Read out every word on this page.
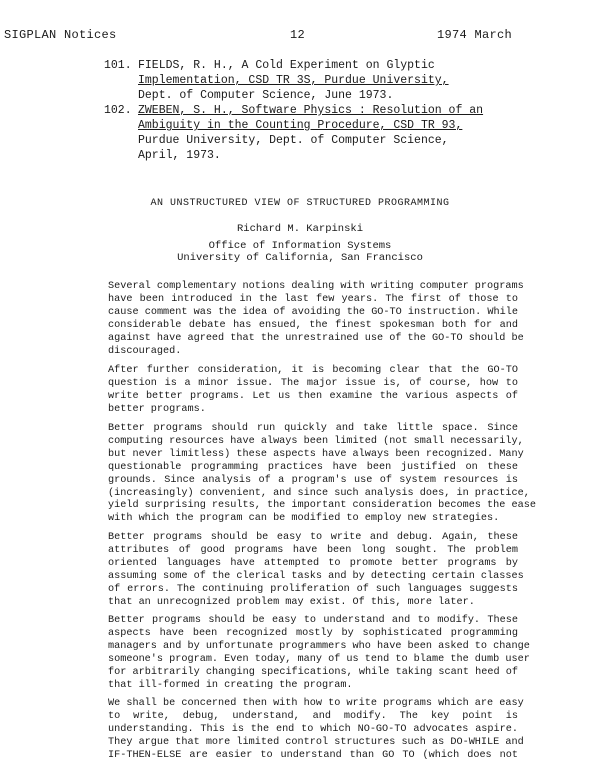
SIGPLAN Notices	12	1974 March
101. FIELDS, R. H., A Cold Experiment on Glyptic
Implementation, CSD TR 3S, Purdue University,
Dept. of Computer Science, June 1973.
102. ZWEBEN, S. H., Software Physics : Resolution of an
Ambiguity in the Counting Procedure, CSD TR 93,
Purdue University, Dept. of Computer Science,
April, 1973.
AN UNSTRUCTURED VIEW OF STRUCTURED PROGRAMMING
Richard M. Karpinski
Office of Information Systems
University of California, San Francisco
Several complementary notions dealing with writing computer programs
have been introduced in the last few years. The first of those to
cause comment was the idea of avoiding the GO-TO instruction. While
considerable debate has ensued, the finest spokesman both for and
against have agreed that the unrestrained use of the GO-TO should be
discouraged.
After further consideration, it is becoming clear that the GO-TO
question is a minor issue. The major issue is, of course, how to
write better programs. Let us then examine the various aspects of
better programs.
Better programs should run quickly and take little space. Since
computing resources have always been limited (not small necessarily,
but never limitless) these aspects have always been recognized. Many
questionable programming practices have been justified on these
grounds. Since analysis of a program's use of system resources is
(increasingly) convenient, and since such analysis does, in practice,
yield surprising results, the important consideration becomes the ease
with which the program can be modified to employ new strategies.
Better programs should be easy to write and debug. Again, these
attributes of good programs have been long sought. The problem
oriented languages have attempted to promote better programs by
assuming some of the clerical tasks and by detecting certain classes
of errors. The continuing proliferation of such languages suggests
that an unrecognized problem may exist. Of this, more later.
Better programs should be easy to understand and to modify. These
aspects have been recognized mostly by sophisticated programming
managers and by unfortunate programmers who have been asked to change
someone's program. Even today, many of us tend to blame the dumb user
for arbitrarily changing specifications, while taking scant heed of
that ill-formed in creating the program.
We shall be concerned then with how to write programs which are easy
to write, debug, understand, and modify. The key point is
understanding. This is the end to which NO-GO-TO advocates aspire.
They argue that more limited control structures such as DO-WHILE and
IF-THEN-ELSE are easier to understand than GO TO (which does not
